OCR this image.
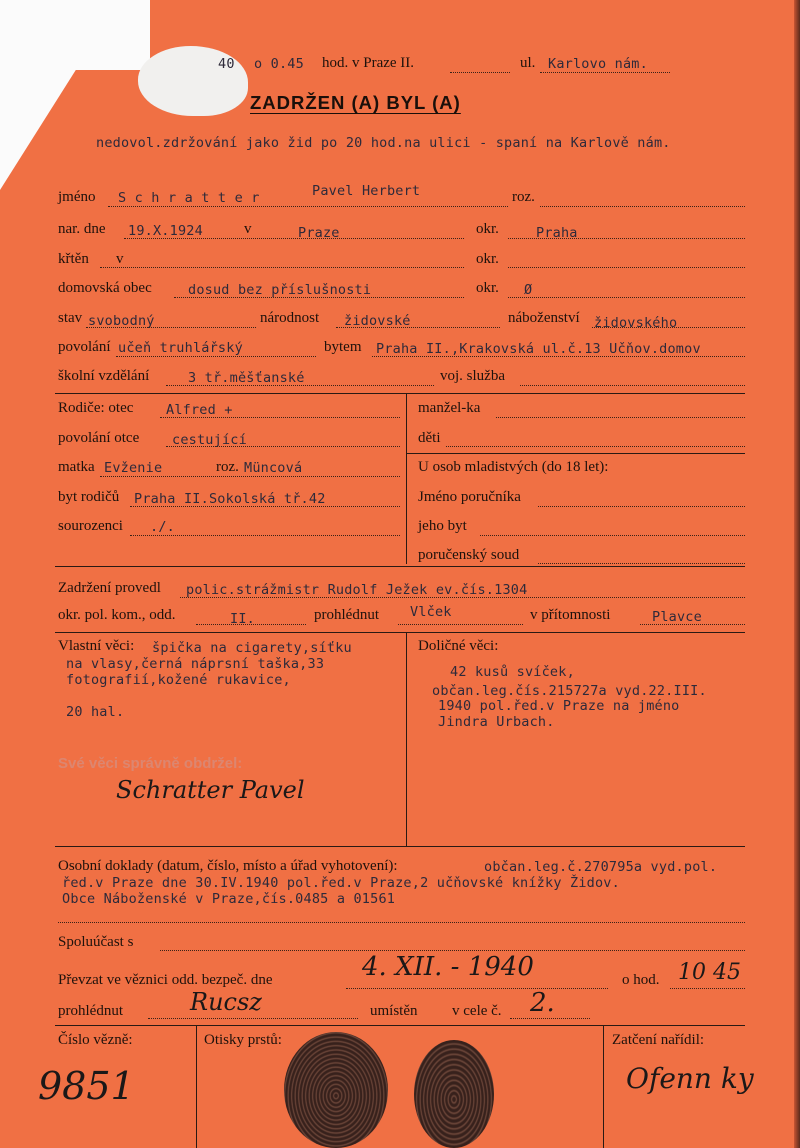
40 o 0.45 hod. v Praze II.	ul. Karlovo nám.
ZADRŽEN (A) BYL (A)
nedovol.zdržování jako žid po 20 hod.na ulici - spaní na Karlově nám.
jméno S c h r a t t e r	Pavel Herbert	roz.
nar. dne 19.X.1924	v	Praze	okr.	Praha
křtěn v	okr.
domovská obec	dosud bez příslušnosti	okr. Ø
stav svobodný	národnost židovské	náboženství židovského
povolání učeň truhlářský	bytem Praha II.,Krakovská ul.č.13 Učňov.domov
školní vzdělání	3 tř.měšťanské	voj. služba
Rodiče: otec Alfred +	manžel-ka
povolání otce cestující	děti
matka Evženie	roz. Müncová	U osob mladistvých (do 18 let):
byt rodičů Praha II.Sokolská tř.42	Jméno poručníka
sourozenci ./.	jeho byt
poručenský soud
Zadržení provedl polic.strážmistr Rudolf Ježek ev.čís.1304
okr. pol. kom., odd.	II.	prohlédnut Vlček	v přítomnosti	Plavce
Vlastní věci: špička na cigarety,síťku
na vlasy,černá náprsní taška,33
fotografií,kožené rukavice,
20 hal.
Doličné věci:
42 kusů svíček,
občan.leg.čís.215727a vyd.22.III.
1940 pol.řed.v Praze na jméno
Jindra Urbach.
Své věci správně obdržel:
Schratter Pavel
Osobní doklady (datum, číslo, místo a úřad vyhotovení):	občan.leg.č.270795a vyd.pol.
řed.v Praze dne 30.IV.1940 pol.řed.v Praze,2 učňovské knížky Židov.
Obce Náboženské v Praze,čís.0485 a 01561
Spoluúčast s
Převzat ve věznici odd. bezpeč. dne	4. XII. - 1940	o hod. 10 45
prohlédnut	Rucsz	umístěn v cele č. 2.
Číslo vězně:
9851
Otisky prstů:	Zatčení nařídil:
Ofenn ky
